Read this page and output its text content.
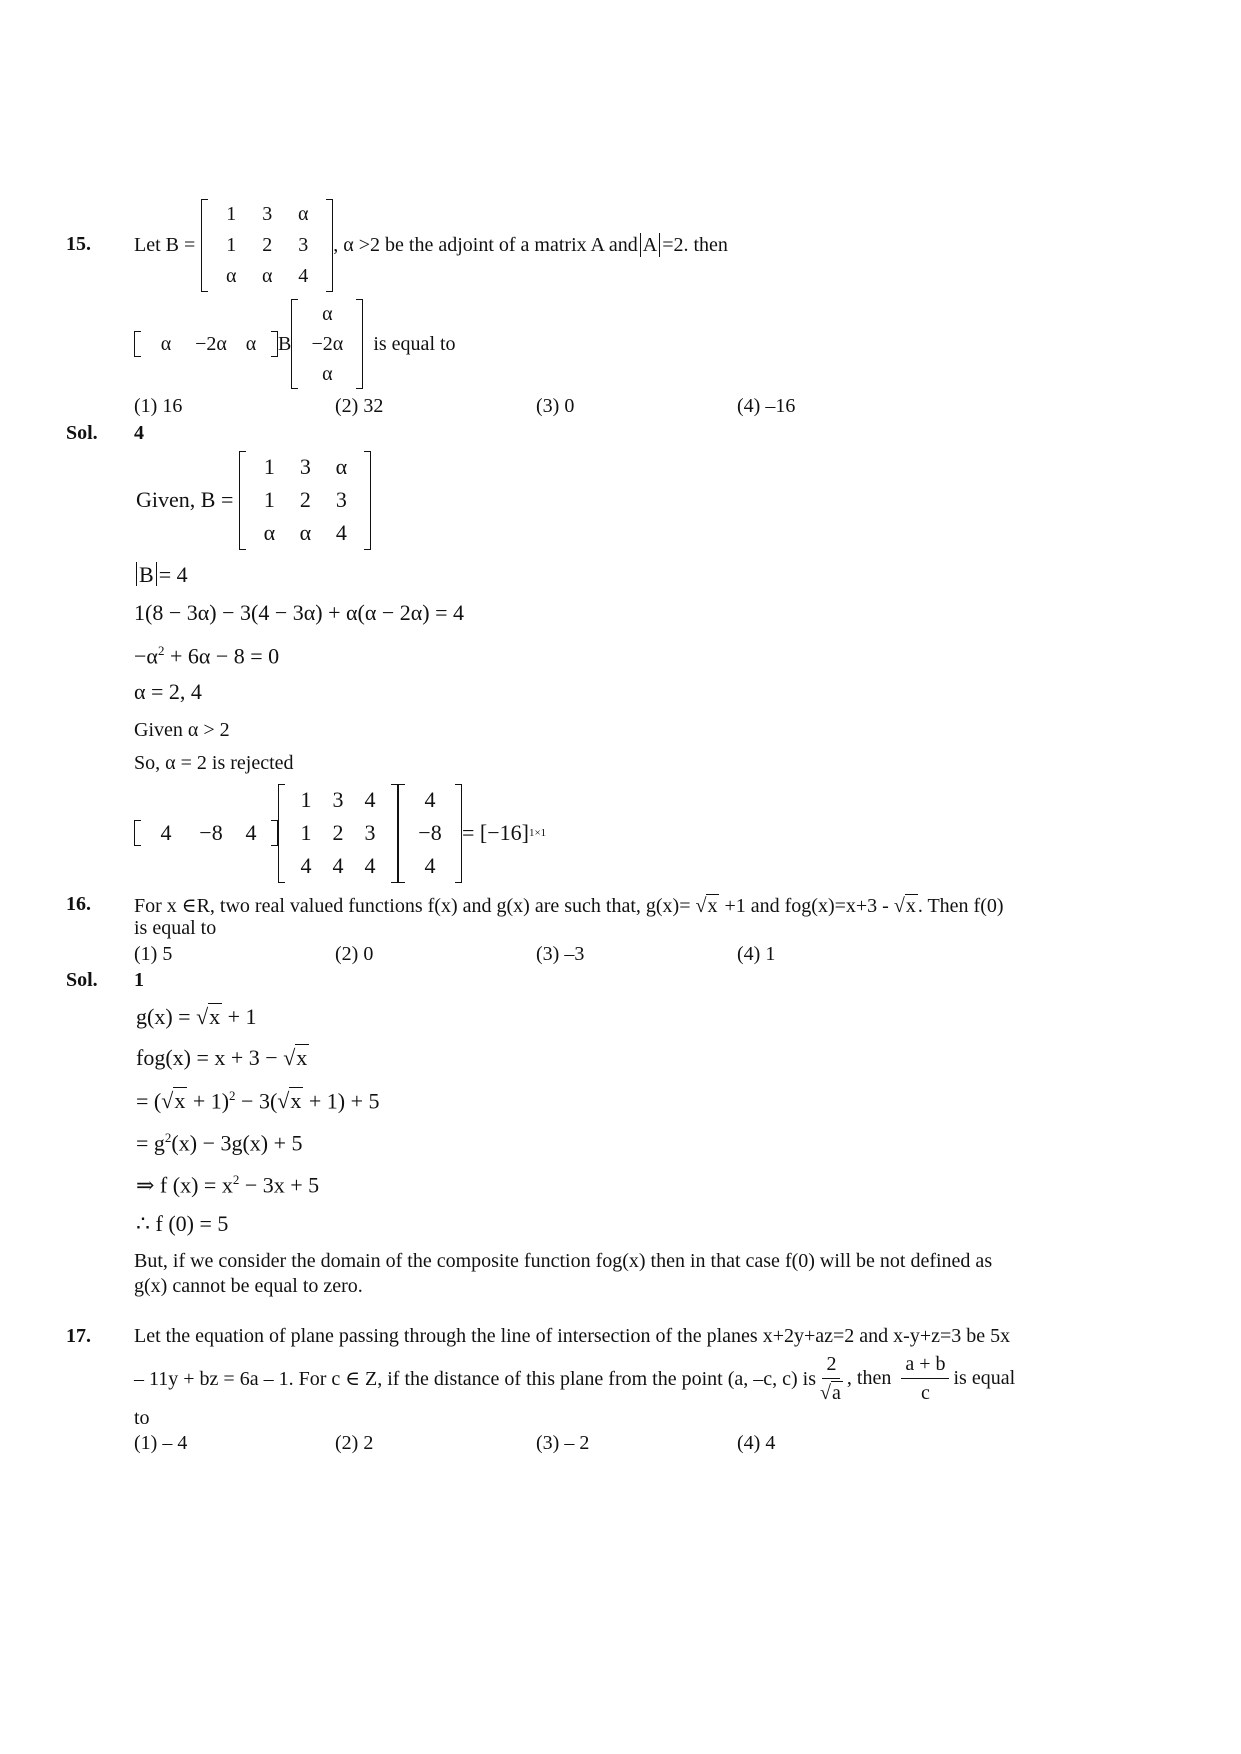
15. Let B =
1 3 α
1 2 3
α α 4
, α >2 be the adjoint of a matrix A and A =2. then
α −2α α B
α
−2α
α
is equal to
(1) 16	(2) 32	(3) 0	(4) –16
Sol. 4
Given, B =
1 3 α
1 2 3
α α 4
B = 4
1(8 − 3α) − 3(4 − 3α) + α(α − 2α) = 4
$-\alpha^2 + 6\alpha - 8 = 0$
α = 2, 4
Given α > 2
So, α = 2 is rejected
4 −8 4
1 3 4
1 2 3
4 4 4
4
−8
4
= [−16] 1×1
16. For x ∈R, two real valued functions f(x) and g(x) are such that, g(x)= √x +1 and fog(x)=x+3 - √x . Then f(0)
is equal to
(1) 5	(2) 0	(3) –3	(4) 1
Sol. 1
g(x) = √x + 1
fog(x) = x + 3 − √x
= $(√x + 1)^2 - 3(√x + 1) + 5$
= $g^2(x) - 3g(x) + 5$
⇒ f $(x) = x^2 - 3x + 5$
∴ f (0) = 5
But, if we consider the domain of the composite function fog(x) then in that case f(0) will be not defined as
g(x) cannot be equal to zero.
17. Let the equation of plane passing through the line of intersection of the planes x+2y+az=2 and x-y+z=3 be 5x
– 11y + bz = 6a – 1. For c ∈ Z, if the distance of this plane from the point (a, –c, c) is $\frac{2}{√a}$ , then $\frac{a + b}{c}$ is equal
to
(1) – 4	(2) 2	(3) – 2	(4) 4
